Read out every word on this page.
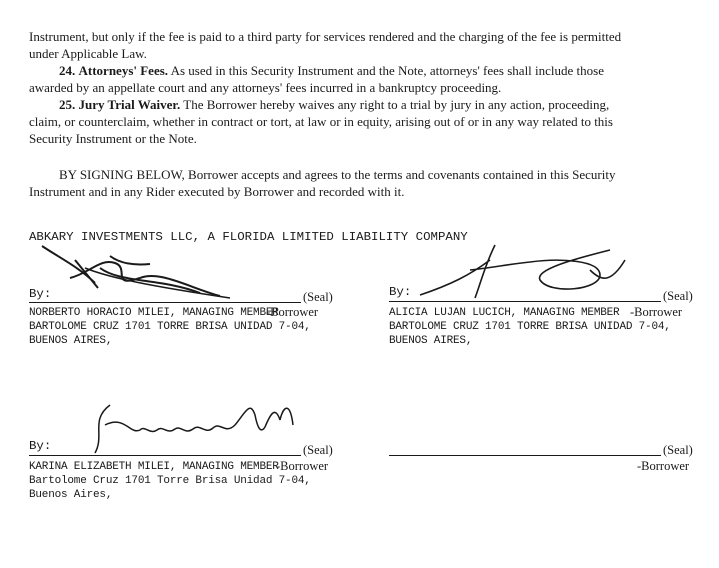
Instrument, but only if the fee is paid to a third party for services rendered and the charging of the fee is permitted
under Applicable Law.
24. Attorneys' Fees. As used in this Security Instrument and the Note, attorneys' fees shall include those
awarded by an appellate court and any attorneys' fees incurred in a bankruptcy proceeding.
25. Jury Trial Waiver. The Borrower hereby waives any right to a trial by jury in any action, proceeding,
claim, or counterclaim, whether in contract or tort, at law or in equity, arising out of or in any way related to this
Security Instrument or the Note.
BY SIGNING BELOW, Borrower accepts and agrees to the terms and covenants contained in this Security
Instrument and in any Rider executed by Borrower and recorded with it.
ABKARY INVESTMENTS LLC, A FLORIDA LIMITED LIABILITY COMPANY
By:	(Seal)
NORBERTO HORACIO MILEI, MANAGING MEMBER
-Borrower
BARTOLOME CRUZ 1701 TORRE BRISA UNIDAD 7-04,
BUENOS AIRES,
By:	(Seal)
ALICIA LUJAN LUCICH, MANAGING MEMBER -Borrower
BARTOLOME CRUZ 1701 TORRE BRISA UNIDAD 7-04,
BUENOS AIRES,
By:	(Seal)
KARINA ELIZABETH MILEI, MANAGING MEMBER
-Borrower
Bartolome Cruz 1701 Torre Brisa Unidad 7-04,
Buenos Aires,
(Seal)
-Borrower
